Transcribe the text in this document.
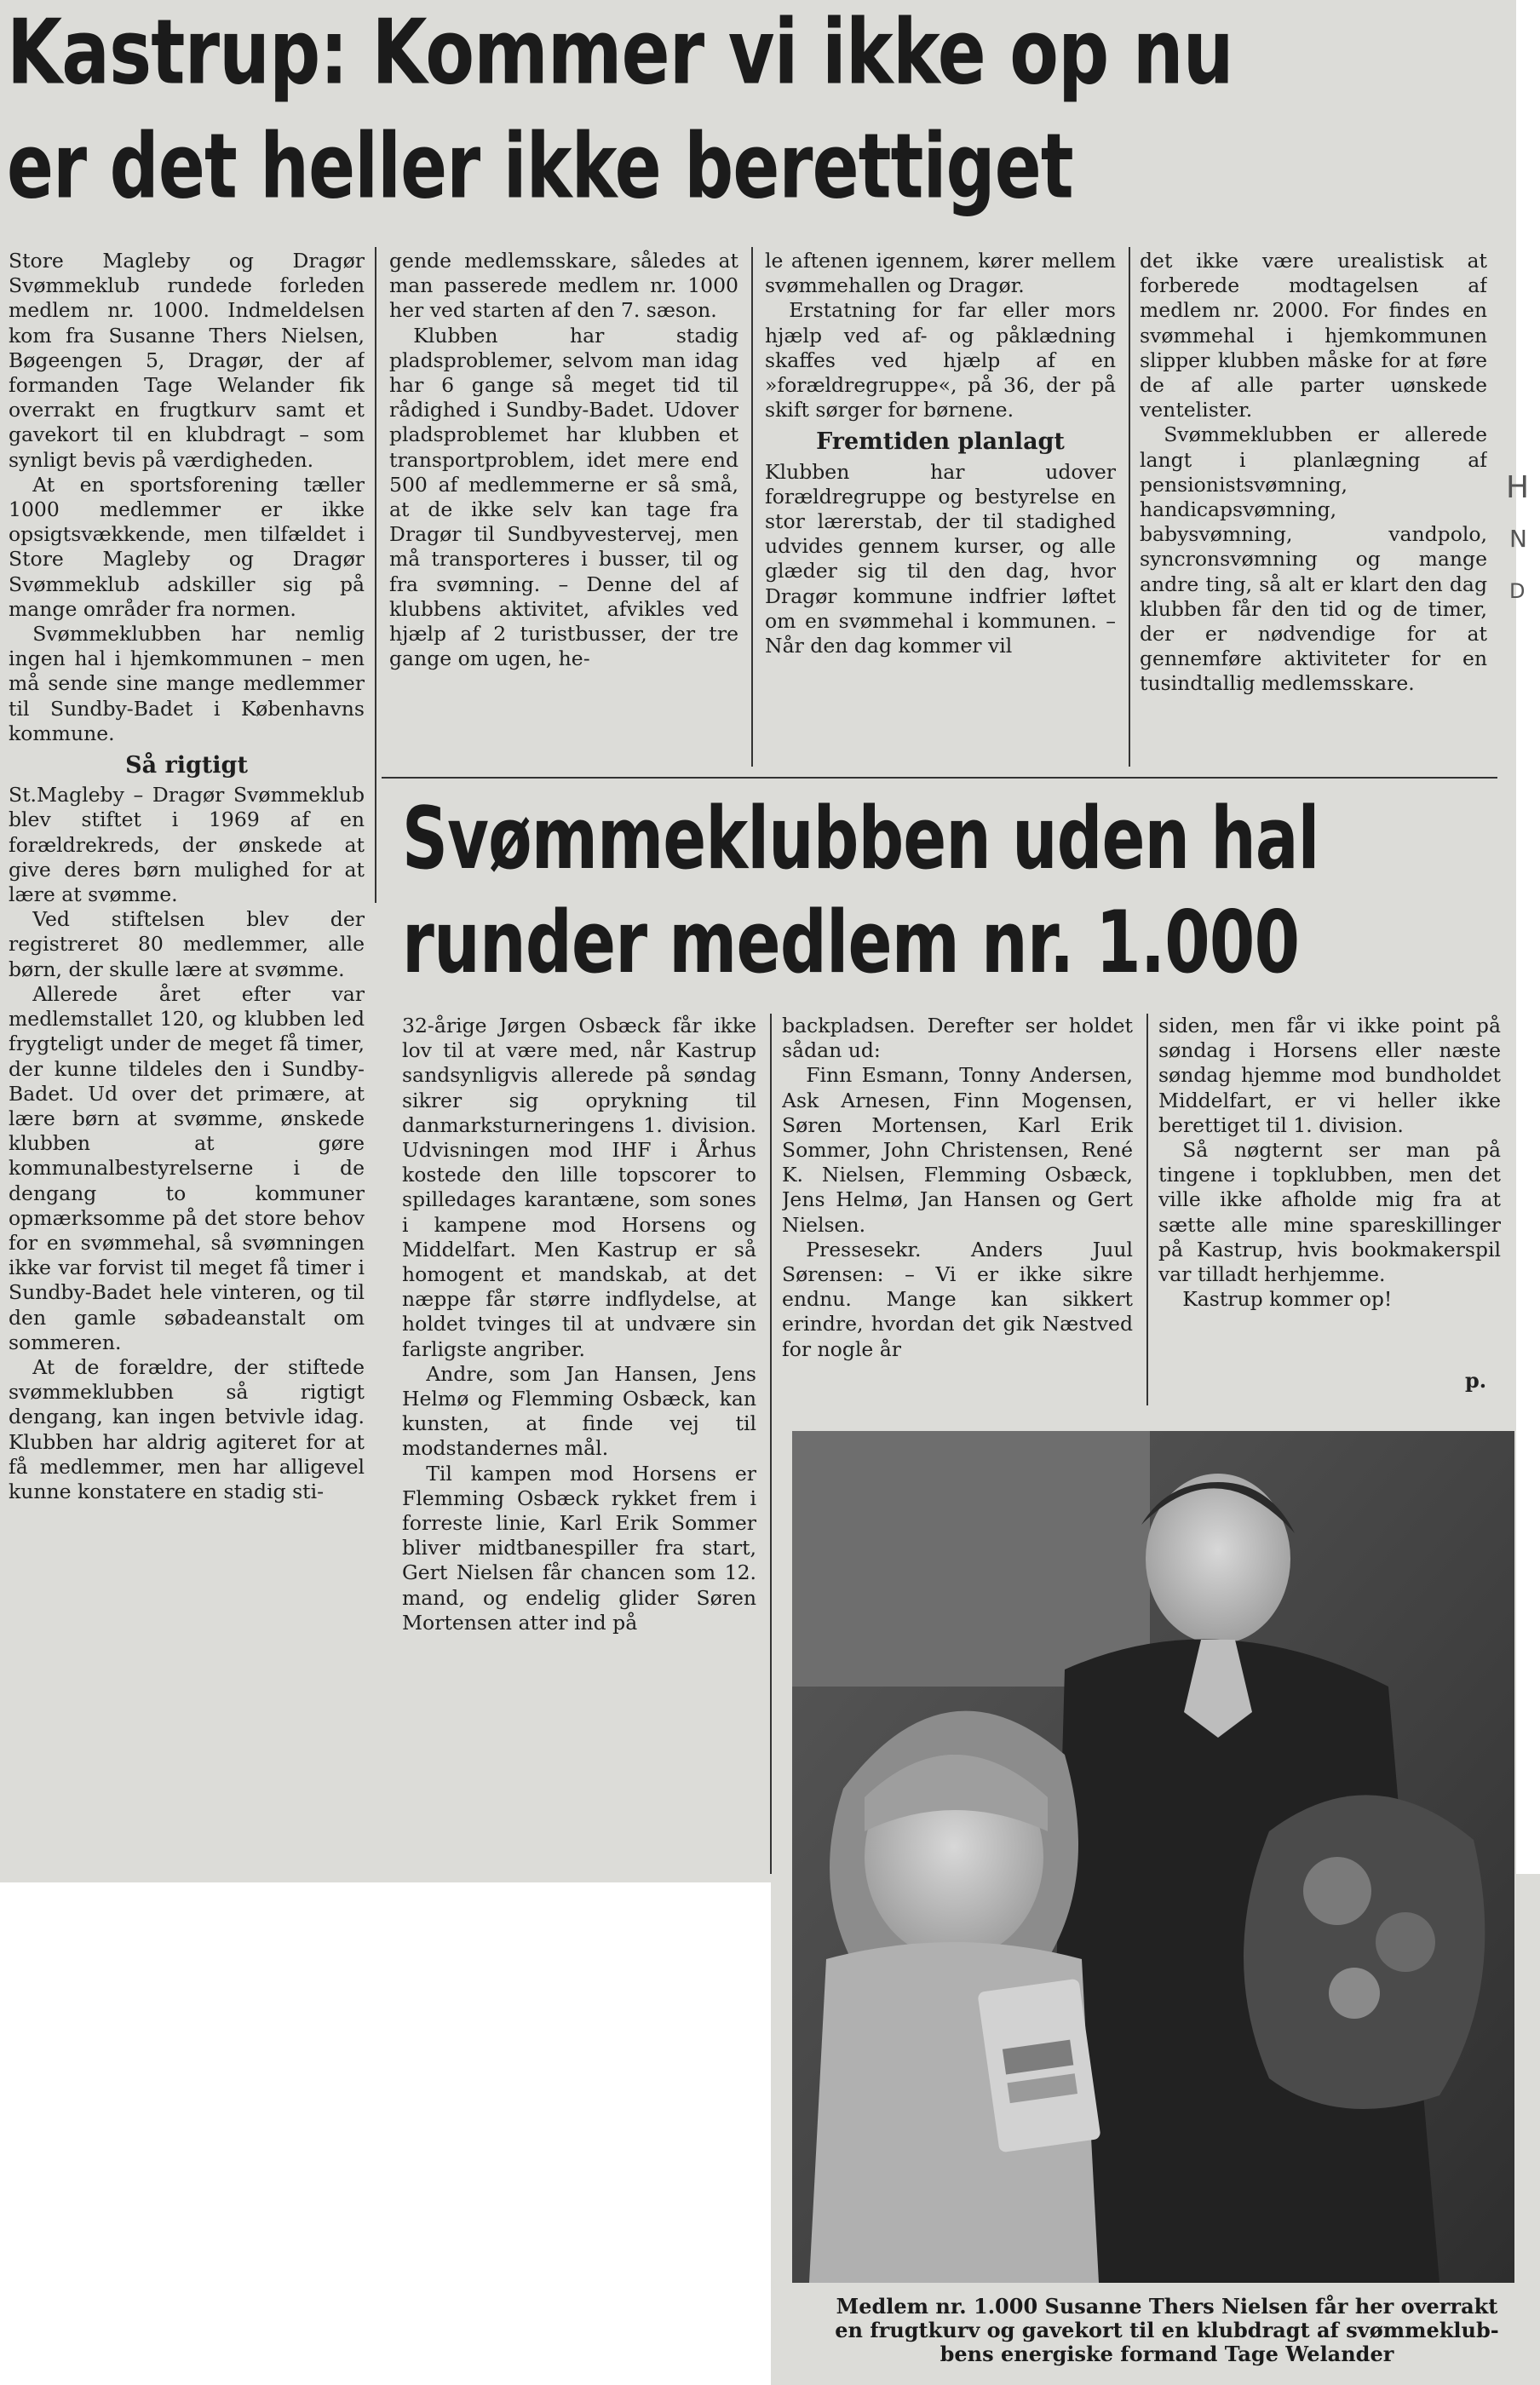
Kastrup: Kommer vi ikke op nu
er det heller ikke berettiget

Store Magleby og Dragør Svømmeklub rundede forleden medlem nr. 1000. Indmeldelsen kom fra Susanne Thers Nielsen, Bøgeengen 5, Dragør, der af formanden Tage Welander fik overrakt en frugtkurv samt et gavekort til en klubdragt – som synligt bevis på værdigheden.

At en sportsforening tæller 1000 medlemmer er ikke opsigtsvækkende, men tilfældet i Store Magleby og Dragør Svømmeklub adskiller sig på mange områder fra normen.

Svømmeklubben har nemlig ingen hal i hjemkommunen – men må sende sine mange medlemmer til Sundby-Badet i Københavns kommune.

Så rigtigt

St.Magleby – Dragør Svømmeklub blev stiftet i 1969 af en forældrekreds, der ønskede at give deres børn mulighed for at lære at svømme.

Ved stiftelsen blev der registreret 80 medlemmer, alle børn, der skulle lære at svømme.

Allerede året efter var medlemstallet 120, og klubben led frygteligt under de meget få timer, der kunne tildeles den i Sundby-Badet. Ud over det primære, at lære børn at svømme, ønskede klubben at gøre kommunalbestyrelserne i de dengang to kommuner opmærksomme på det store behov for en svømmehal, så svømningen ikke var forvist til meget få timer i Sundby-Badet hele vinteren, og til den gamle søbadeanstalt om sommeren.

At de forældre, der stiftede svømmeklubben så rigtigt dengang, kan ingen betvivle idag. Klubben har aldrig agiteret for at få medlemmer, men har alligevel kunne konstatere en stadig sti-

gende medlemsskare, således at man passerede medlem nr. 1000 her ved starten af den 7. sæson.

Klubben har stadig pladsproblemer, selvom man idag har 6 gange så meget tid til rådighed i Sundby-Badet. Udover pladsproblemet har klubben et transportproblem, idet mere end 500 af medlemmerne er så små, at de ikke selv kan tage fra Dragør til Sundbyvestervej, men må transporteres i busser, til og fra svømning. – Denne del af klubbens aktivitet, afvikles ved hjælp af 2 turistbusser, der tre gange om ugen, he-

le aftenen igennem, kører mellem svømmehallen og Dragør.

Erstatning for far eller mors hjælp ved af- og påklædning skaffes ved hjælp af en »forældregruppe«, på 36, der på skift sørger for børnene.

Fremtiden planlagt

Klubben har udover forældregruppe og bestyrelse en stor lærerstab, der til stadighed udvides gennem kurser, og alle glæder sig til den dag, hvor Dragør kommune indfrier løftet om en svømmehal i kommunen. – Når den dag kommer vil

det ikke være urealistisk at forberede modtagelsen af medlem nr. 2000. For findes en svømmehal i hjemkommunen slipper klubben måske for at føre de af alle parter uønskede ventelister.

Svømmeklubben er allerede langt i planlægning af pensionistsvømning, handicapsvømning, babysvømning, vandpolo, syncronsvømning og mange andre ting, så alt er klart den dag klubben får den tid og de timer, der er nødvendige for at gennemføre aktiviteter for en tusindtallig medlemsskare.

Svømmeklubben uden hal
runder medlem nr. 1.000

32-årige Jørgen Osbæck får ikke lov til at være med, når Kastrup sandsynligvis allerede på søndag sikrer sig oprykning til danmarksturneringens 1. division. Udvisningen mod IHF i Århus kostede den lille topscorer to spilledages karantæne, som sones i kampene mod Horsens og Middelfart. Men Kastrup er så homogent et mandskab, at det næppe får større indflydelse, at holdet tvinges til at undvære sin farligste angriber.

Andre, som Jan Hansen, Jens Helmø og Flemming Osbæck, kan kunsten, at finde vej til modstandernes mål.

Til kampen mod Horsens er Flemming Osbæck rykket frem i forreste linie, Karl Erik Sommer bliver midtbanespiller fra start, Gert Nielsen får chancen som 12. mand, og endelig glider Søren Mortensen atter ind på

backpladsen. Derefter ser holdet sådan ud:

Finn Esmann, Tonny Andersen, Ask Arnesen, Finn Mogensen, Søren Mortensen, Karl Erik Sommer, John Christensen, René K. Nielsen, Flemming Osbæck, Jens Helmø, Jan Hansen og Gert Nielsen.

Pressesekr. Anders Juul Sørensen: – Vi er ikke sikre endnu. Mange kan sikkert erindre, hvordan det gik Næstved for nogle år

siden, men får vi ikke point på søndag i Horsens eller næste søndag hjemme mod bundholdet Middelfart, er vi heller ikke berettiget til 1. division.

Så nøgternt ser man på tingene i topklubben, men det ville ikke afholde mig fra at sætte alle mine spareskillinger på Kastrup, hvis bookmakerspil var tilladt herhjemme.

Kastrup kommer op!

p.
Medlem nr. 1.000 Susanne Thers Nielsen får her overrakt
en frugtkurv og gavekort til en klubdragt af svømmeklub-
bens energiske formand Tage Welander
H
N
D
